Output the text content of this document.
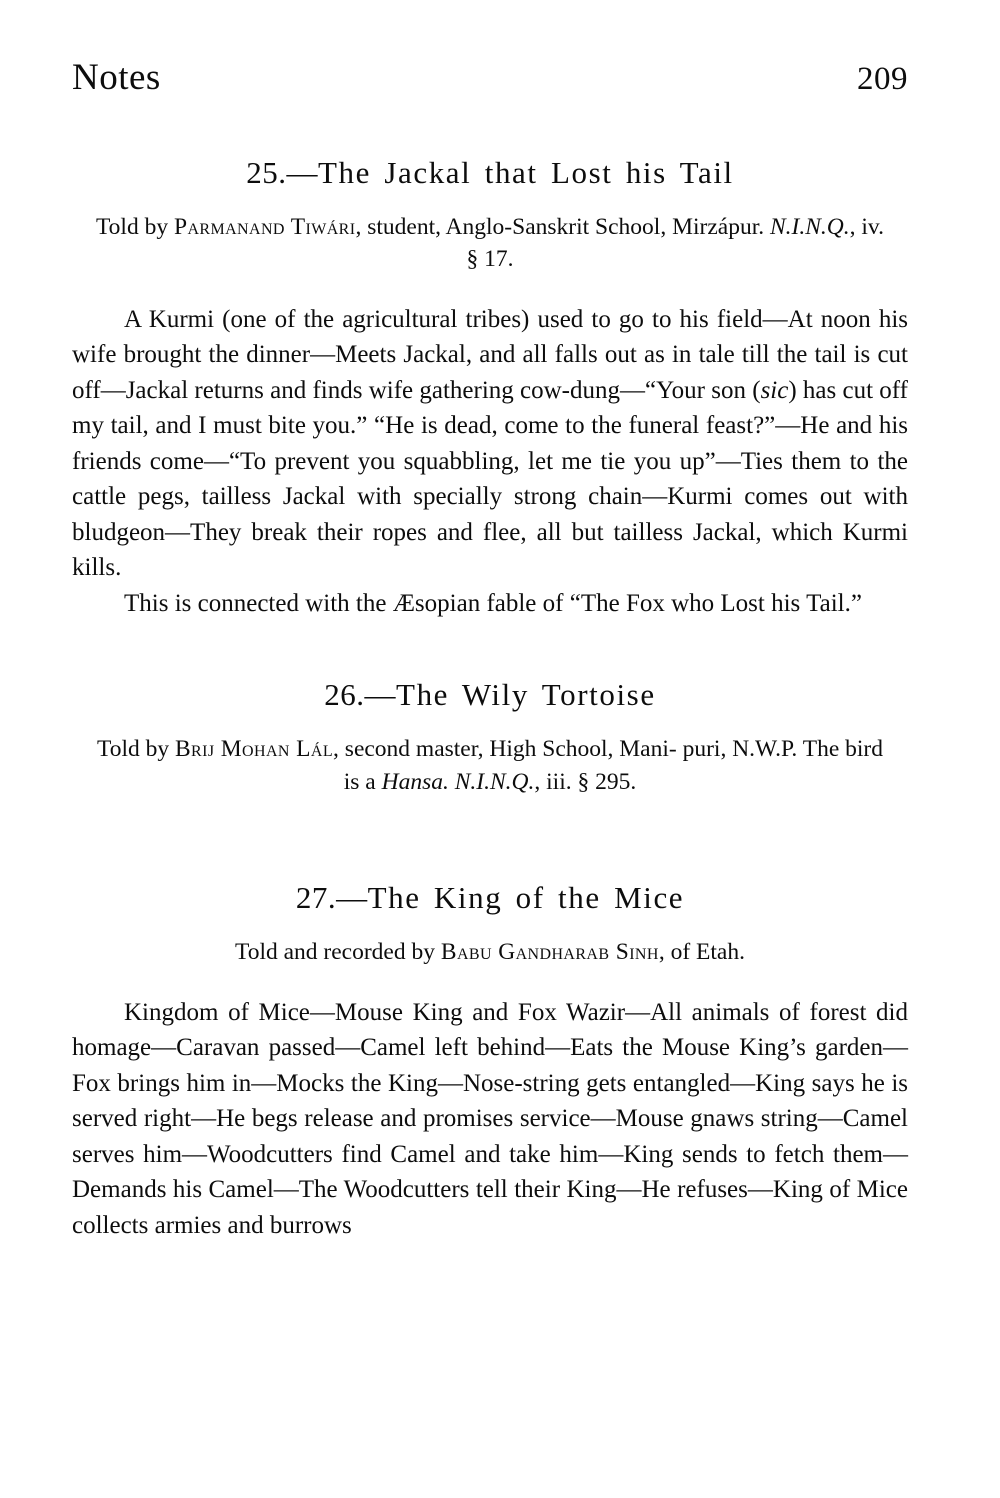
Notes	209
25.—The Jackal that Lost his Tail
Told by Parmanand Tiwári, student, Anglo-Sanskrit School, Mirzápur. N.I.N.Q., iv. § 17.

A Kurmi (one of the agricultural tribes) used to go to his field—At noon his wife brought the dinner—Meets Jackal, and all falls out as in tale till the tail is cut off—Jackal returns and finds wife gathering cow-dung—“Your son (sic) has cut off my tail, and I must bite you.” “He is dead, come to the funeral feast?”—He and his friends come—“To prevent you squabbling, let me tie you up”—Ties them to the cattle pegs, tailless Jackal with specially strong chain—Kurmi comes out with bludgeon—They break their ropes and flee, all but tailless Jackal, which Kurmi kills.

This is connected with the Æsopian fable of “The Fox who Lost his Tail.”

26.—The Wily Tortoise
Told by Brij Mohan Lál, second master, High School, Mani- puri, N.W.P. The bird is a Hansa. N.I.N.Q., iii. § 295.
27.—The King of the Mice
Told and recorded by Babu Gandharab Sinh, of Etah.

Kingdom of Mice—Mouse King and Fox Wazir—All animals of forest did homage—Caravan passed—Camel left behind—Eats the Mouse King’s garden—Fox brings him in—Mocks the King—Nose-string gets entangled—King says he is served right—He begs release and promises service—Mouse gnaws string—Camel serves him—Woodcutters find Camel and take him—King sends to fetch them—Demands his Camel—The Woodcutters tell their King—He refuses—King of Mice collects armies and burrows
